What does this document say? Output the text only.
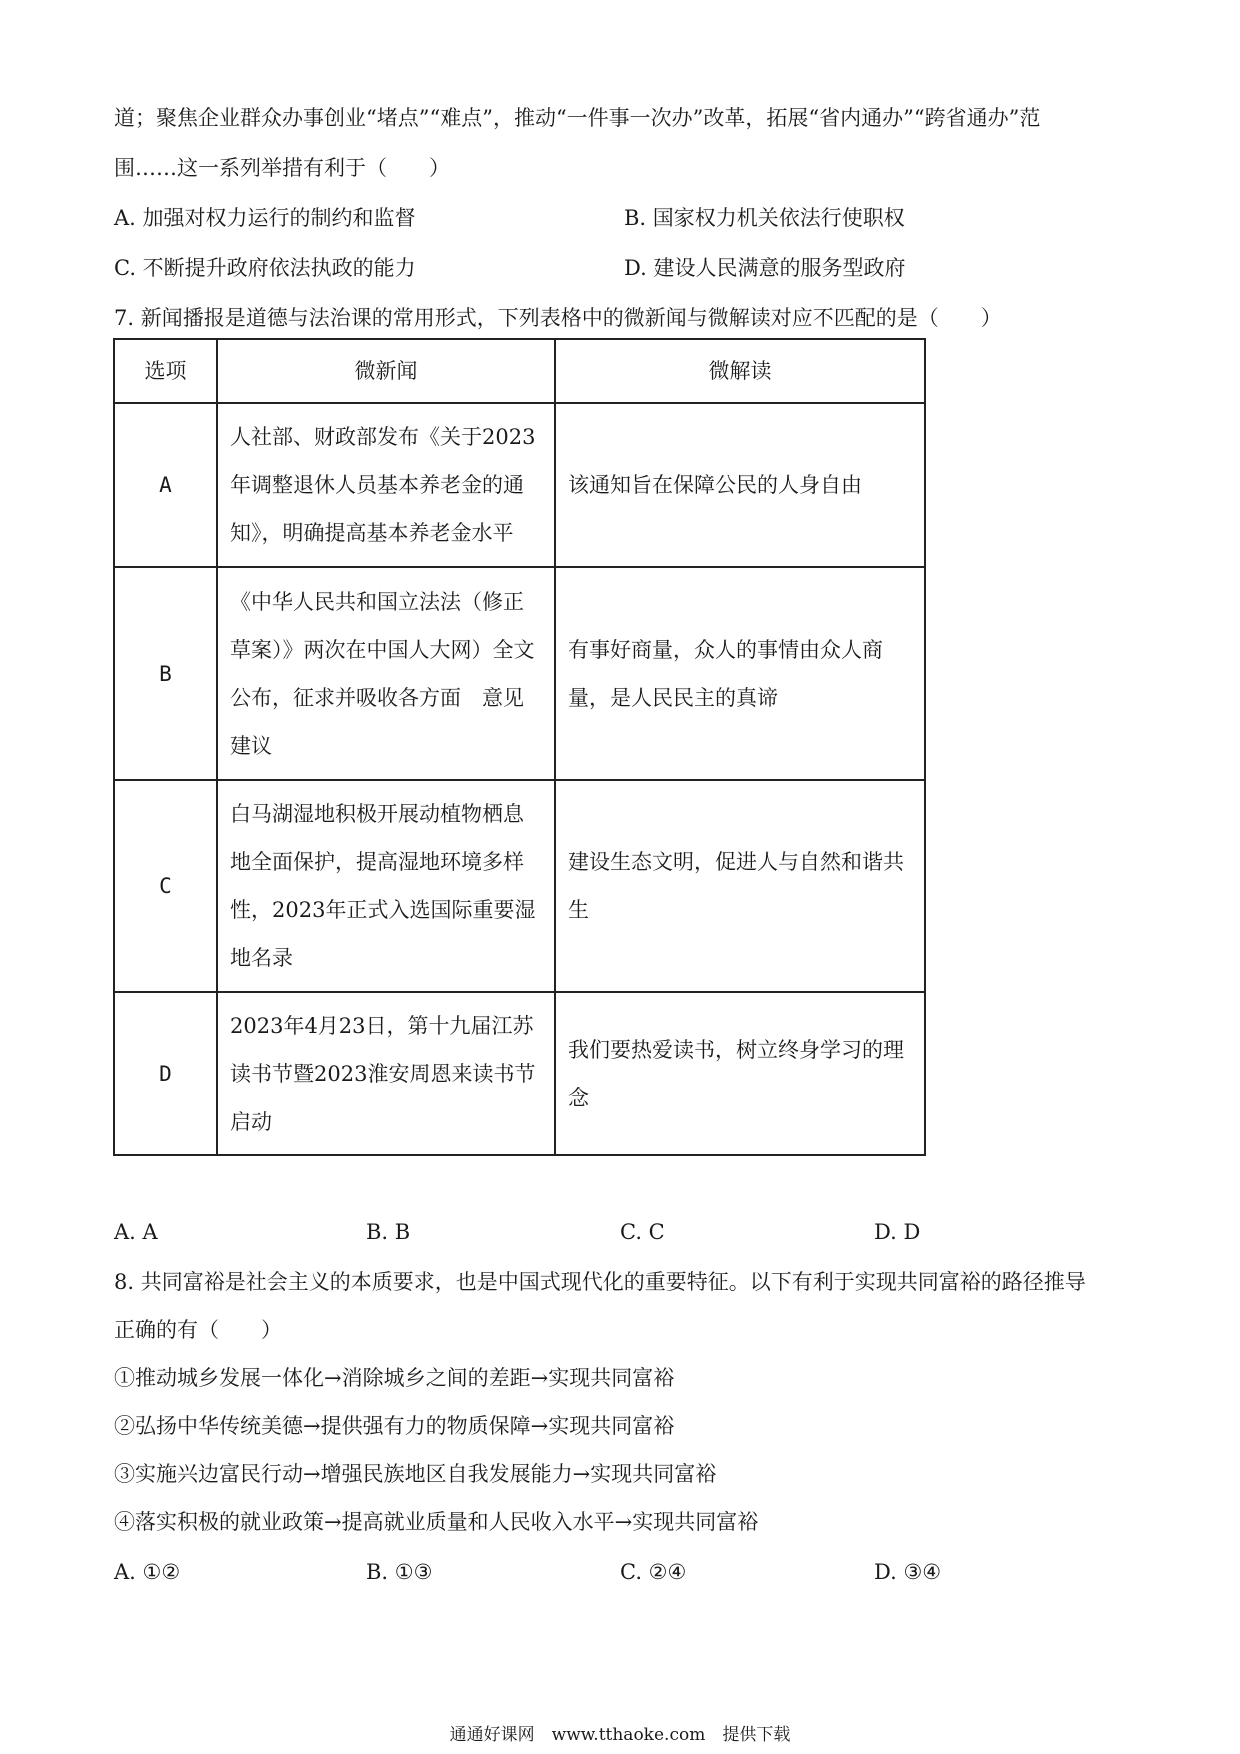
道；聚焦企业群众办事创业“堵点”“难点”，推动“一件事一次办”改革，拓展“省内通办”“跨省通办”范
围……这一系列举措有利于（　　）
A. 加强对权力运行的制约和监督	B. 国家权力机关依法行使职权
C. 不断提升政府依法执政的能力	D. 建设人民满意的服务型政府
7. 新闻播报是道德与法治课的常用形式，下列表格中的微新闻与微解读对应不匹配的是（　　）
选项	微新闻	微解读
A	人社部、财政部发布《关于2023年调整退休人员基本养老金的通知》，明确提高基本养老金水平	该通知旨在保障公民的人身自由
B	《中华人民共和国立法法（修正草案）》两次在中国人大网）全文公布，征求并吸收各方面　意见建议	有事好商量，众人的事情由众人商量，是人民民主的真谛
C	白马湖湿地积极开展动植物栖息地全面保护，提高湿地环境多样性，2023年正式入选国际重要湿地名录	建设生态文明，促进人与自然和谐共生
D	2023年4月23日，第十九届江苏读书节暨2023淮安周恩来读书节启动	我们要热爱读书，树立终身学习的理念
A. A	B. B	C. C	D. D
8. 共同富裕是社会主义的本质要求，也是中国式现代化的重要特征。以下有利于实现共同富裕的路径推导
正确的有（　　）
①推动城乡发展一体化→消除城乡之间的差距→实现共同富裕
②弘扬中华传统美德→提供强有力的物质保障→实现共同富裕
③实施兴边富民行动→增强民族地区自我发展能力→实现共同富裕
④落实积极的就业政策→提高就业质量和人民收入水平→实现共同富裕
A. ①②	B. ①③	C. ②④	D. ③④
通通好课网　www.tthaoke.com　提供下载
